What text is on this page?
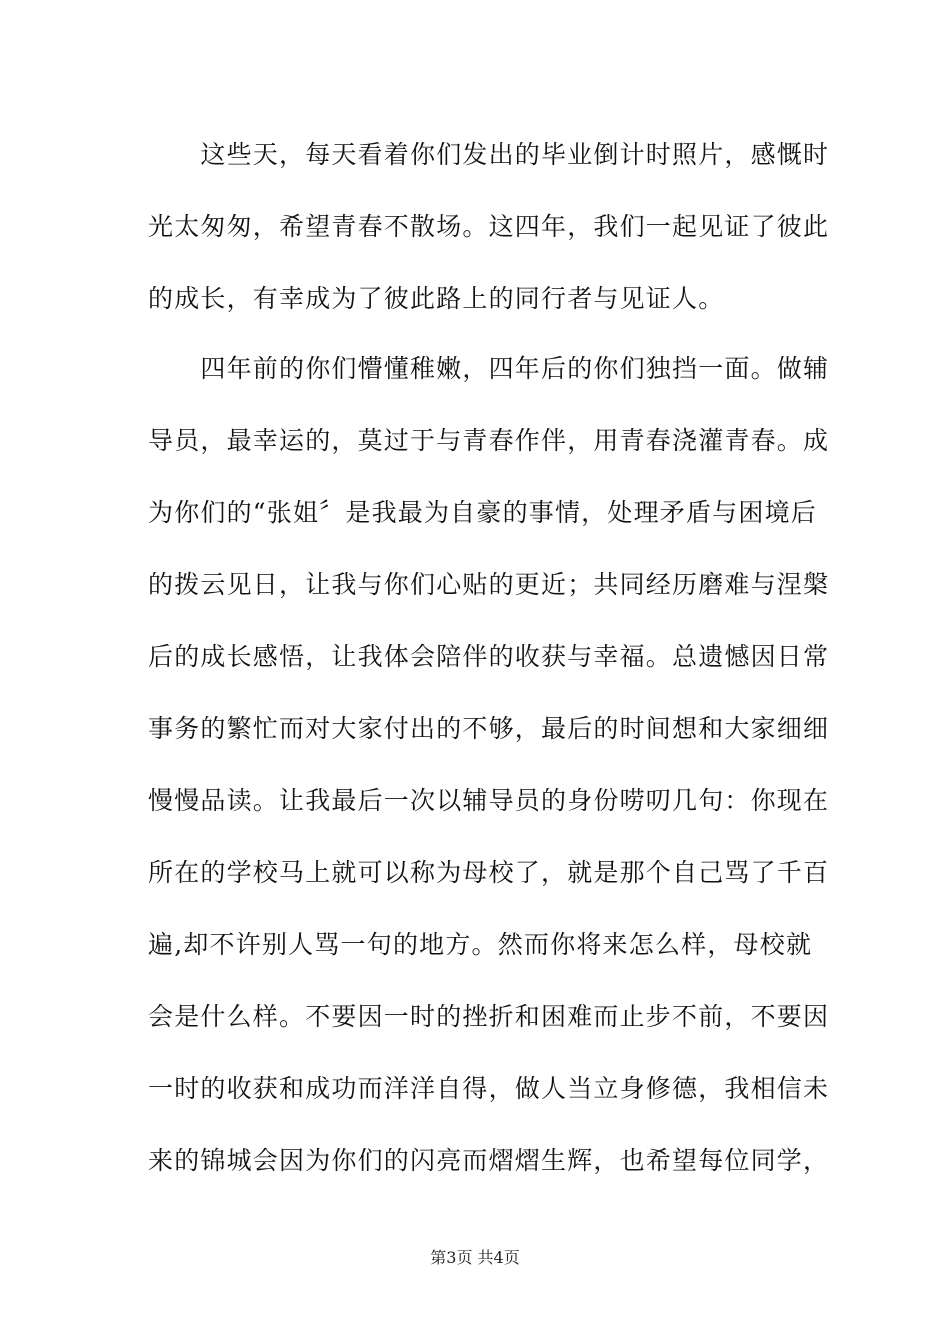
　　这些天，每天看着你们发出的毕业倒计时照片，感慨时
光太匆匆，希望青春不散场。这四年，我们一起见证了彼此
的成长，有幸成为了彼此路上的同行者与见证人。
　　四年前的你们懵懂稚嫩，四年后的你们独挡一面。做辅
导员，最幸运的，莫过于与青春作伴，用青春浇灌青春。成
为你们的“张姐〞是我最为自豪的事情，处理矛盾与困境后
的拨云见日，让我与你们心贴的更近；共同经历磨难与涅槃
后的成长感悟，让我体会陪伴的收获与幸福。总遗憾因日常
事务的繁忙而对大家付出的不够，最后的时间想和大家细细
慢慢品读。让我最后一次以辅导员的身份唠叨几句：你现在
所在的学校马上就可以称为母校了，就是那个自己骂了千百
遍,却不许别人骂一句的地方。然而你将来怎么样，母校就
会是什么样。不要因一时的挫折和困难而止步不前，不要因
一时的收获和成功而洋洋自得，做人当立身修德，我相信未
来的锦城会因为你们的闪亮而熠熠生辉，也希望每位同学，
第3页 共4页
